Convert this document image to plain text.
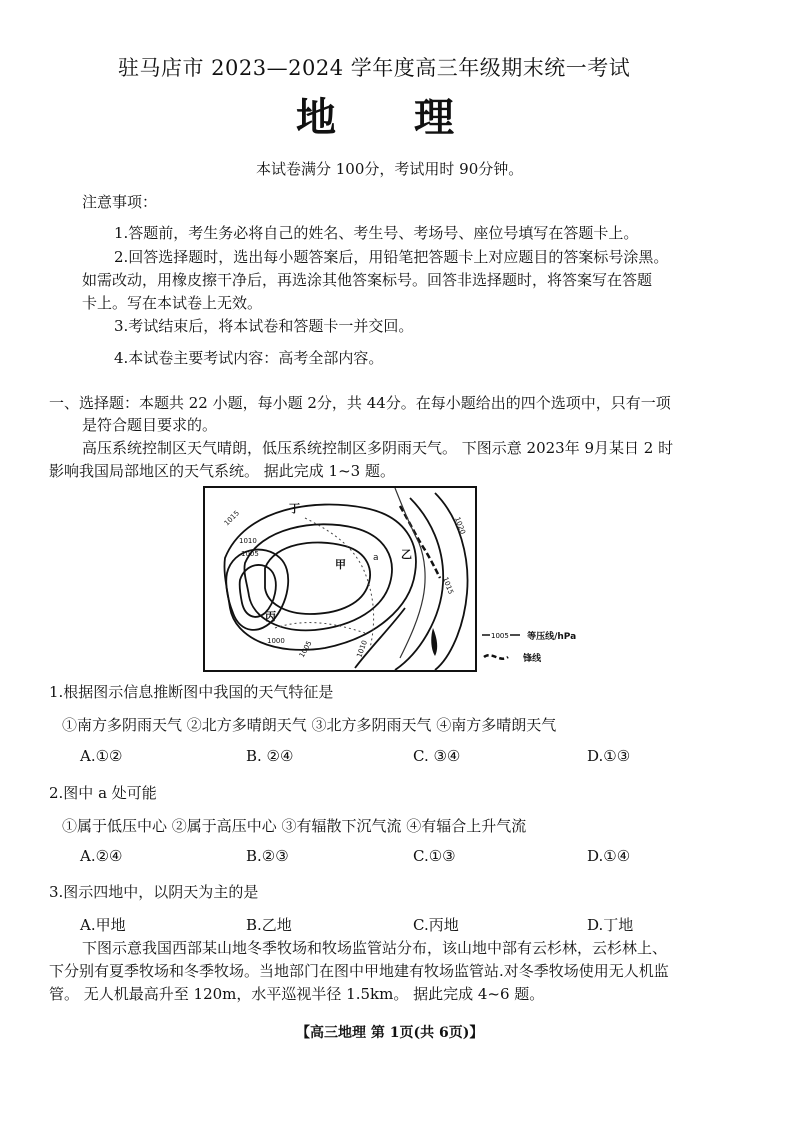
驻马店市 2023—2024 学年度高三年级期末统一考试
地理
本试卷满分 100分，考试用时 90分钟。
注意事项：
1.答题前，考生务必将自己的姓名、考生号、考场号、座位号填写在答题卡上。
2.回答选择题时，选出每小题答案后，用铅笔把答题卡上对应题目的答案标号涂黑。
如需改动，用橡皮擦干净后，再选涂其他答案标号。回答非选择题时，将答案写在答题
卡上。写在本试卷上无效。
3.考试结束后，将本试卷和答题卡一并交回。
4.本试卷主要考试内容：高考全部内容。
一、选择题：本题共 22 小题，每小题 2分，共 44分。在每小题给出的四个选项中，只有一项
是符合题目要求的。
高压系统控制区天气晴朗，低压系统控制区多阴雨天气。 下图示意 2023年 9月某日 2 时
影响我国局部地区的天气系统。 据此完成 1~3 题。
1015
1010
1005
1000 1005	1010
1020
1015
丁
甲	a 乙
丙
1005 等压线/hPa
锋线
1.根据图示信息推断图中我国的天气特征是
①南方多阴雨天气 ②北方多晴朗天气 ③北方多阴雨天气 ④南方多晴朗天气
A.①②	B. ②④	C. ③④	D.①③
2.图中 a 处可能
①属于低压中心 ②属于高压中心 ③有辐散下沉气流 ④有辐合上升气流
A.②④	B.②③	C.①③	D.①④
3.图示四地中，以阴天为主的是
A.甲地	B.乙地	C.丙地	D.丁地
下图示意我国西部某山地冬季牧场和牧场监管站分布，该山地中部有云杉林，云杉林上、
下分别有夏季牧场和冬季牧场。当地部门在图中甲地建有牧场监管站.对冬季牧场使用无人机监
管。 无人机最高升至 120m，水平巡视半径 1.5km。 据此完成 4~6 题。
【高三地理 第 1页(共 6页)】
